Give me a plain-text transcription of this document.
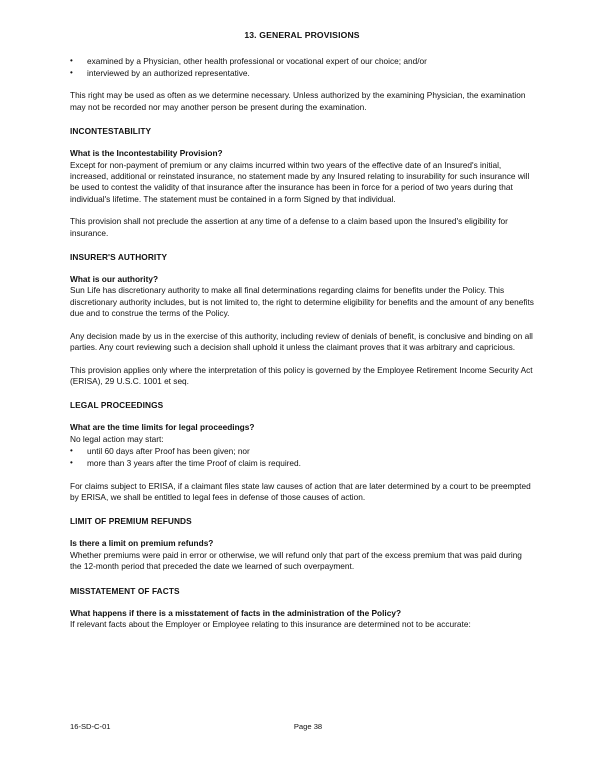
13. GENERAL PROVISIONS
• examined by a Physician, other health professional or vocational expert of our choice; and/or
• interviewed by an authorized representative.

This right may be used as often as we determine necessary. Unless authorized by the examining Physician, the examination may not be recorded nor may another person be present during the examination.

INCONTESTABILITY
What is the Incontestability Provision?

Except for non-payment of premium or any claims incurred within two years of the effective date of an Insured's initial, increased, additional or reinstated insurance, no statement made by any Insured relating to insurability for such insurance will be used to contest the validity of that insurance after the insurance has been in force for a period of two years during that individual's lifetime. The statement must be contained in a form Signed by that individual.

This provision shall not preclude the assertion at any time of a defense to a claim based upon the Insured's eligibility for insurance.

INSURER'S AUTHORITY
What is our authority?

Sun Life has discretionary authority to make all final determinations regarding claims for benefits under the Policy. This discretionary authority includes, but is not limited to, the right to determine eligibility for benefits and the amount of any benefits due and to construe the terms of the Policy.

Any decision made by us in the exercise of this authority, including review of denials of benefit, is conclusive and binding on all parties. Any court reviewing such a decision shall uphold it unless the claimant proves that it was arbitrary and capricious.

This provision applies only where the interpretation of this policy is governed by the Employee Retirement Income Security Act (ERISA), 29 U.S.C. 1001 et seq.

LEGAL PROCEEDINGS
What are the time limits for legal proceedings?

No legal action may start:

• until 60 days after Proof has been given; nor
• more than 3 years after the time Proof of claim is required.

For claims subject to ERISA, if a claimant files state law causes of action that are later determined by a court to be preempted by ERISA, we shall be entitled to legal fees in defense of those causes of action.

LIMIT OF PREMIUM REFUNDS
Is there a limit on premium refunds?

Whether premiums were paid in error or otherwise, we will refund only that part of the excess premium that was paid during the 12-month period that preceded the date we learned of such overpayment.

MISSTATEMENT OF FACTS
What happens if there is a misstatement of facts in the administration of the Policy?

If relevant facts about the Employer or Employee relating to this insurance are determined not to be accurate:

16-SD-C-01	Page 38
